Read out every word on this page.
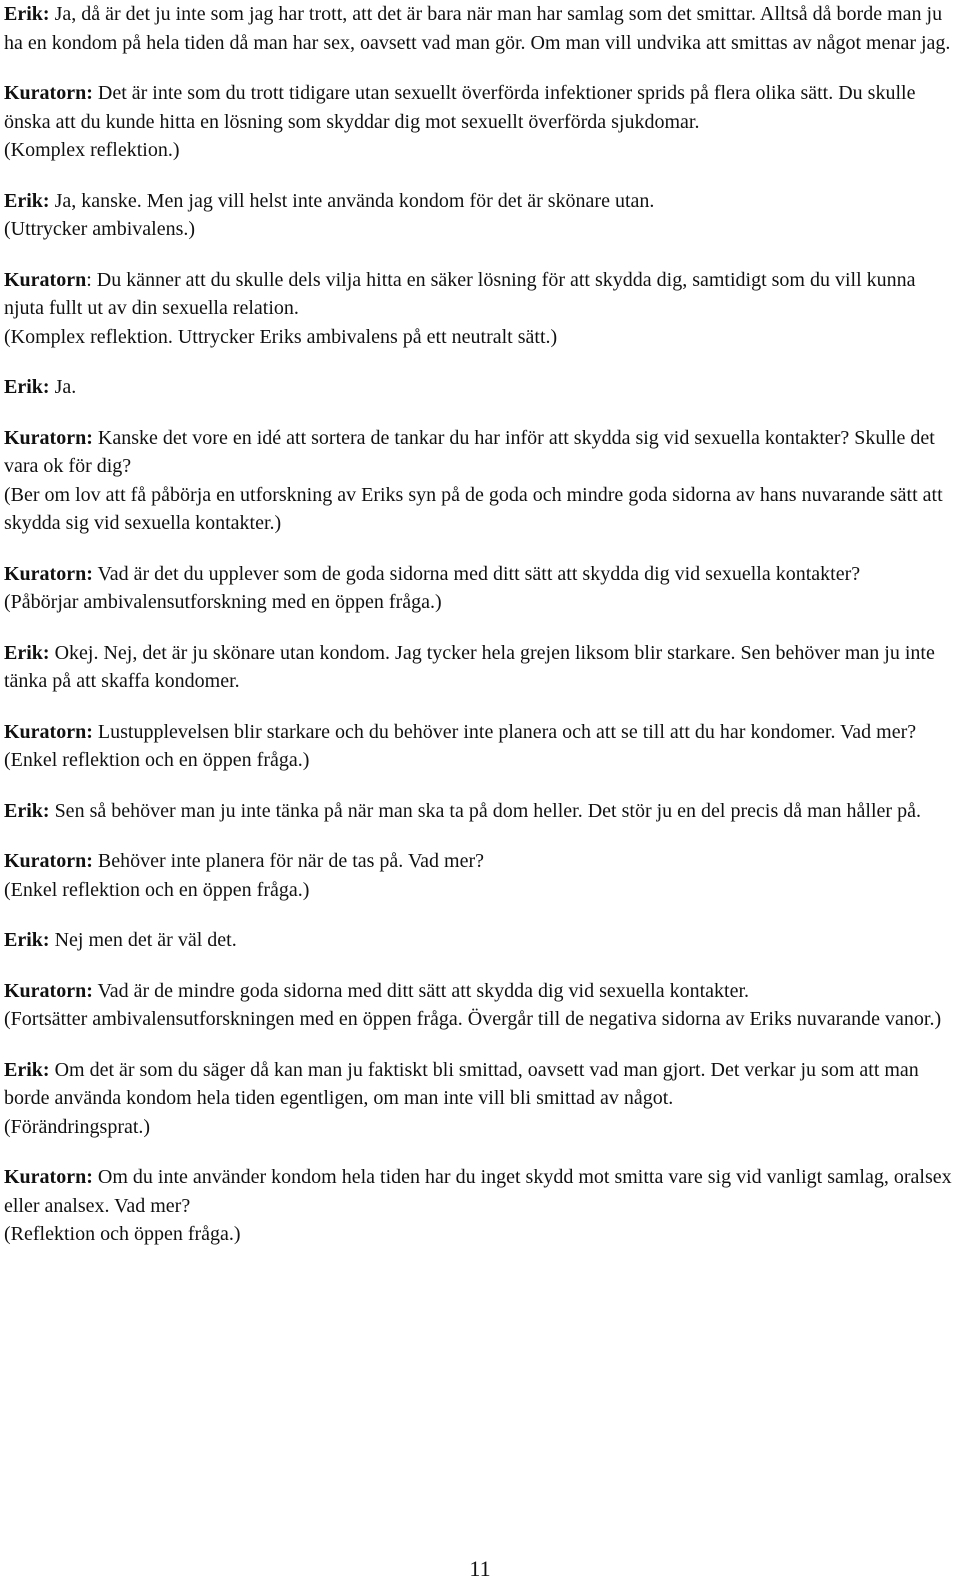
Erik: Ja, då är det ju inte som jag har trott, att det är bara när man har samlag som det smittar. Alltså då borde man ju ha en kondom på hela tiden då man har sex, oavsett vad man gör. Om man vill undvika att smittas av något menar jag.

Kuratorn: Det är inte som du trott tidigare utan sexuellt överförda infektioner sprids på flera olika sätt. Du skulle önska att du kunde hitta en lösning som skyddar dig mot sexuellt överförda sjukdomar.
(Komplex reflektion.)

Erik: Ja, kanske. Men jag vill helst inte använda kondom för det är skönare utan.
(Uttrycker ambivalens.)

Kuratorn: Du känner att du skulle dels vilja hitta en säker lösning för att skydda dig, samtidigt som du vill kunna njuta fullt ut av din sexuella relation.
(Komplex reflektion. Uttrycker Eriks ambivalens på ett neutralt sätt.)

Erik: Ja.

Kuratorn: Kanske det vore en idé att sortera de tankar du har inför att skydda sig vid sexuella kontakter? Skulle det vara ok för dig?
(Ber om lov att få påbörja en utforskning av Eriks syn på de goda och mindre goda sidorna av hans nuvarande sätt att skydda sig vid sexuella kontakter.)

Kuratorn: Vad är det du upplever som de goda sidorna med ditt sätt att skydda dig vid sexuella kontakter?
(Påbörjar ambivalensutforskning med en öppen fråga.)

Erik: Okej. Nej, det är ju skönare utan kondom. Jag tycker hela grejen liksom blir starkare. Sen behöver man ju inte tänka på att skaffa kondomer.

Kuratorn: Lustupplevelsen blir starkare och du behöver inte planera och att se till att du har kondomer. Vad mer?
(Enkel reflektion och en öppen fråga.)

Erik: Sen så behöver man ju inte tänka på när man ska ta på dom heller. Det stör ju en del precis då man håller på.

Kuratorn: Behöver inte planera för när de tas på. Vad mer?
(Enkel reflektion och en öppen fråga.)

Erik: Nej men det är väl det.

Kuratorn: Vad är de mindre goda sidorna med ditt sätt att skydda dig vid sexuella kontakter.
(Fortsätter ambivalensutforskningen med en öppen fråga. Övergår till de negativa sidorna av Eriks nuvarande vanor.)

Erik: Om det är som du säger då kan man ju faktiskt bli smittad, oavsett vad man gjort. Det verkar ju som att man borde använda kondom hela tiden egentligen, om man inte vill bli smittad av något.
(Förändringsprat.)

Kuratorn: Om du inte använder kondom hela tiden har du inget skydd mot smitta vare sig vid vanligt samlag, oralsex eller analsex. Vad mer?
(Reflektion och öppen fråga.)

11
